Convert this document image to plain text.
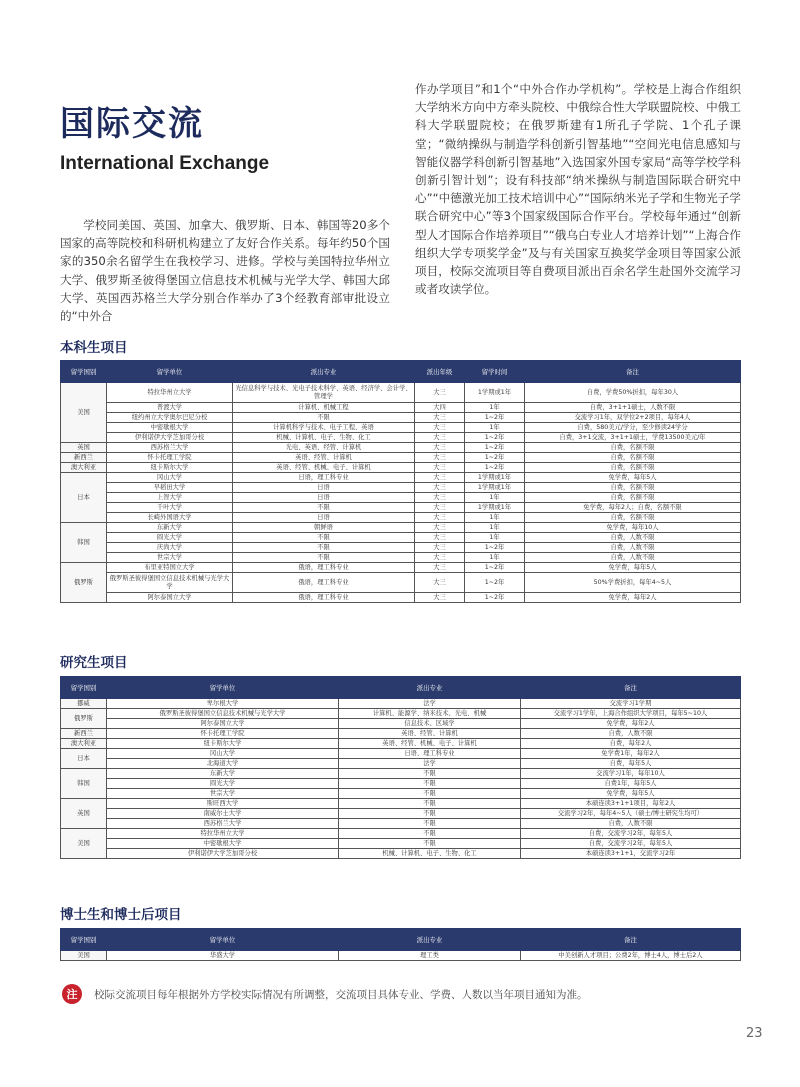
国际交流
International Exchange

学校同美国、英国、加拿大、俄罗斯、日本、韩国等20多个国家的高等院校和科研机构建立了友好合作关系。每年约50个国家的350余名留学生在我校学习、进修。学校与美国特拉华州立大学、俄罗斯圣彼得堡国立信息技术机械与光学大学、韩国大邱大学、英国西苏格兰大学分别合作举办了3个经教育部审批设立的“中外合

作办学项目”和1个“中外合作办学机构”。学校是上海合作组织大学纳米方向中方牵头院校、中俄综合性大学联盟院校、中俄工科大学联盟院校；在俄罗斯建有1所孔子学院、1个孔子课堂；“微纳操纵与制造学科创新引智基地”“空间光电信息感知与智能仪器学科创新引智基地”入选国家外国专家局“高等学校学科创新引智计划”；设有科技部“纳米操纵与制造国际联合研究中心”“中德激光加工技术培训中心”“国际纳米光子学和生物光子学联合研究中心”等3个国家级国际合作平台。学校每年通过“创新型人才国际合作培养项目”“俄乌白专业人才培养计划”“上海合作组织大学专项奖学金”及与有关国家互换奖学金项目等国家公派项目，校际交流项目等自费项目派出百余名学生赴国外交流学习或者攻读学位。

本科生项目
留学国别	留学单位	派出专业	派出年级	留学时间	备注
美国	特拉华州立大学	光信息科学与技术、光电子技术科学、英语、经济学、会计学、管理学	大三	1学期或1年	自费，学费50%折扣，每年30人
	普渡大学	计算机、机械工程	大四	1年	自费，3+1+1硕士，人数不限
	纽约州立大学奥尔巴尼分校	不限	大三	1~2年	交流学习1年，双学位2+2项目，每年4人
	中密歇根大学	计算机科学与技术、电子工程、英语	大三	1年	自费，580美元/学分，至少修读24学分
	伊利诺伊大学芝加哥分校	机械、计算机、电子、生物、化工	大三	1~2年	自费，3+1交流，3+1+1硕士，学费13500美元/年
英国	西苏格兰大学	光电、英语、经管、计算机	大三	1~2年	自费，名额不限
新西兰	怀卡托理工学院	英语、经管、计算机	大三	1~2年	自费，名额不限
澳大利亚	纽卡斯尔大学	英语、经管、机械、电子、计算机	大三	1~2年	自费，名额不限
日本	冈山大学	日语，理工科专业	大三	1学期或1年	免学费，每年5人
	早稻田大学	日语	大三	1学期或1年	自费，名额不限
	上智大学	日语	大三	1年	自费，名额不限
	千叶大学	不限	大三	1学期或1年	免学费，每年2人；自费，名额不限
	长崎外国语大学	日语	大三	1年	自费，名额不限
韩国	东新大学	朝鲜语	大三	1年	免学费，每年10人
	圆光大学	不限	大三	1年	自费，人数不限
	庆尚大学	不限	大三	1~2年	自费，人数不限
	世宗大学	不限	大三	1年	自费，人数不限
俄罗斯	布里亚特国立大学	俄语，理工科专业	大三	1~2年	免学费，每年5人
	俄罗斯圣彼得堡国立信息技术机械与光学大学	俄语，理工科专业	大三	1~2年	50%学费折扣，每年4~5人
	阿尔泰国立大学	俄语，理工科专业	大三	1~2年	免学费，每年2人
研究生项目
留学国别	留学单位	派出专业	备注
挪威	卑尔根大学	法学	交流学习1学期
俄罗斯	俄罗斯圣彼得堡国立信息技术机械与光学大学	计算机、能源学、纳米技术、光电、机械	交流学习1学年，上海合作组织大学项目，每年5~10人
	阿尔泰国立大学	信息技术、区域学	免学费，每年2人
新西兰	怀卡托理工学院	英语、经管、计算机	自费，人数不限
澳大利亚	纽卡斯尔大学	英语、经管、机械、电子、计算机	自费，每年2人
日本	冈山大学	日语、理工科专业	免学费1年，每年2人
	北海道大学	法学	自费，每年5人
韩国	东新大学	不限	交流学习1年，每年10人
	圆光大学	不限	自费1年，每年5人
	世宗大学	不限	免学费，每年5人
英国	斯旺西大学	不限	本硕连读3+1+1项目，每年2人
	南威尔士大学	不限	交流学习2年，每年4~5人（硕士/博士研究生均可）
	西苏格兰大学	不限	自费，人数不限
美国	特拉华州立大学	不限	自费，交流学习2年，每年5人
	中密歇根大学	不限	自费，交流学习2年，每年5人
	伊利诺伊大学芝加哥分校	机械、计算机、电子、生物、化工	本硕连读3+1+1，交流学习2年
博士生和博士后项目
留学国别	留学单位	派出专业	备注
美国	华盛大学	理工类	中美创新人才项目；公费2年，博士4人，博士后2人
注	校际交流项目每年根据外方学校实际情况有所调整，交流项目具体专业、学费、人数以当年项目通知为准。
23
